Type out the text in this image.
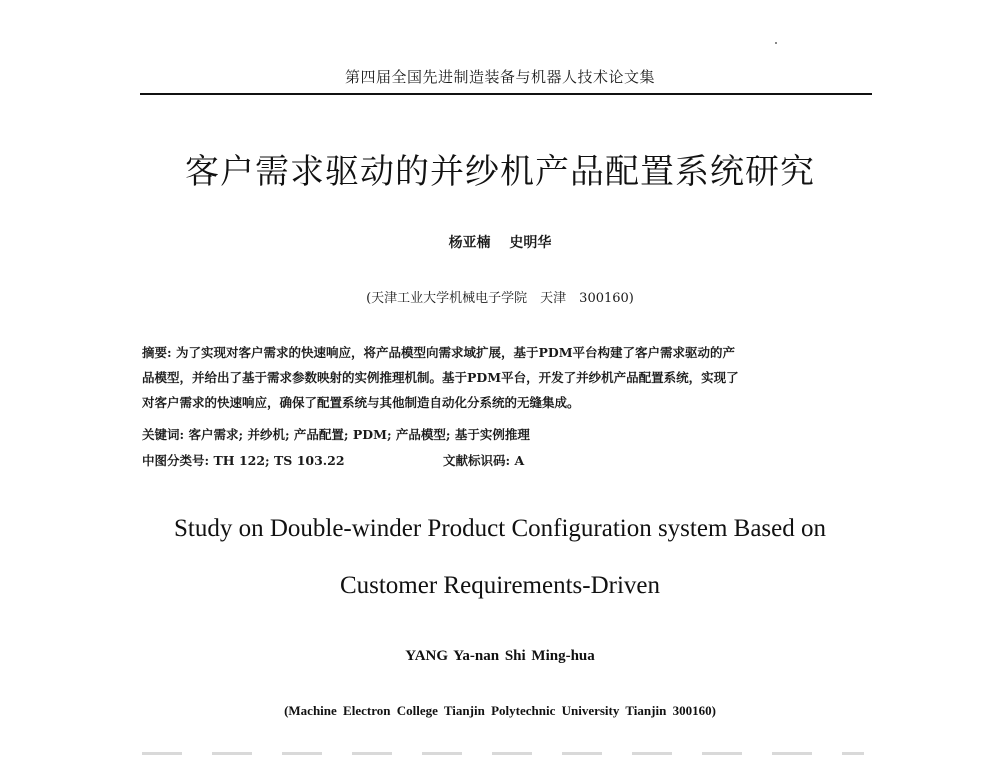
第四届全国先进制造装备与机器人技术论文集
客户需求驱动的并纱机产品配置系统研究
杨亚楠 史明华
(天津工业大学机械电子学院　天津　300160)
摘要: 为了实现对客户需求的快速响应，将产品模型向需求域扩展，基于PDM平台构建了客户需求驱动的产
品模型，并给出了基于需求参数映射的实例推理机制。基于PDM平台，开发了并纱机产品配置系统，实现了
对客户需求的快速响应，确保了配置系统与其他制造自动化分系统的无缝集成。
关键词: 客户需求; 并纱机; 产品配置; PDM; 产品模型; 基于实例推理
中图分类号: TH 122; TS 103.22	文献标识码: A
Study on Double-winder Product Configuration system Based on
Customer Requirements-Driven
YANG Ya-nan Shi Ming-hua
(Machine Electron College Tianjin Polytechnic University Tianjin 300160)
